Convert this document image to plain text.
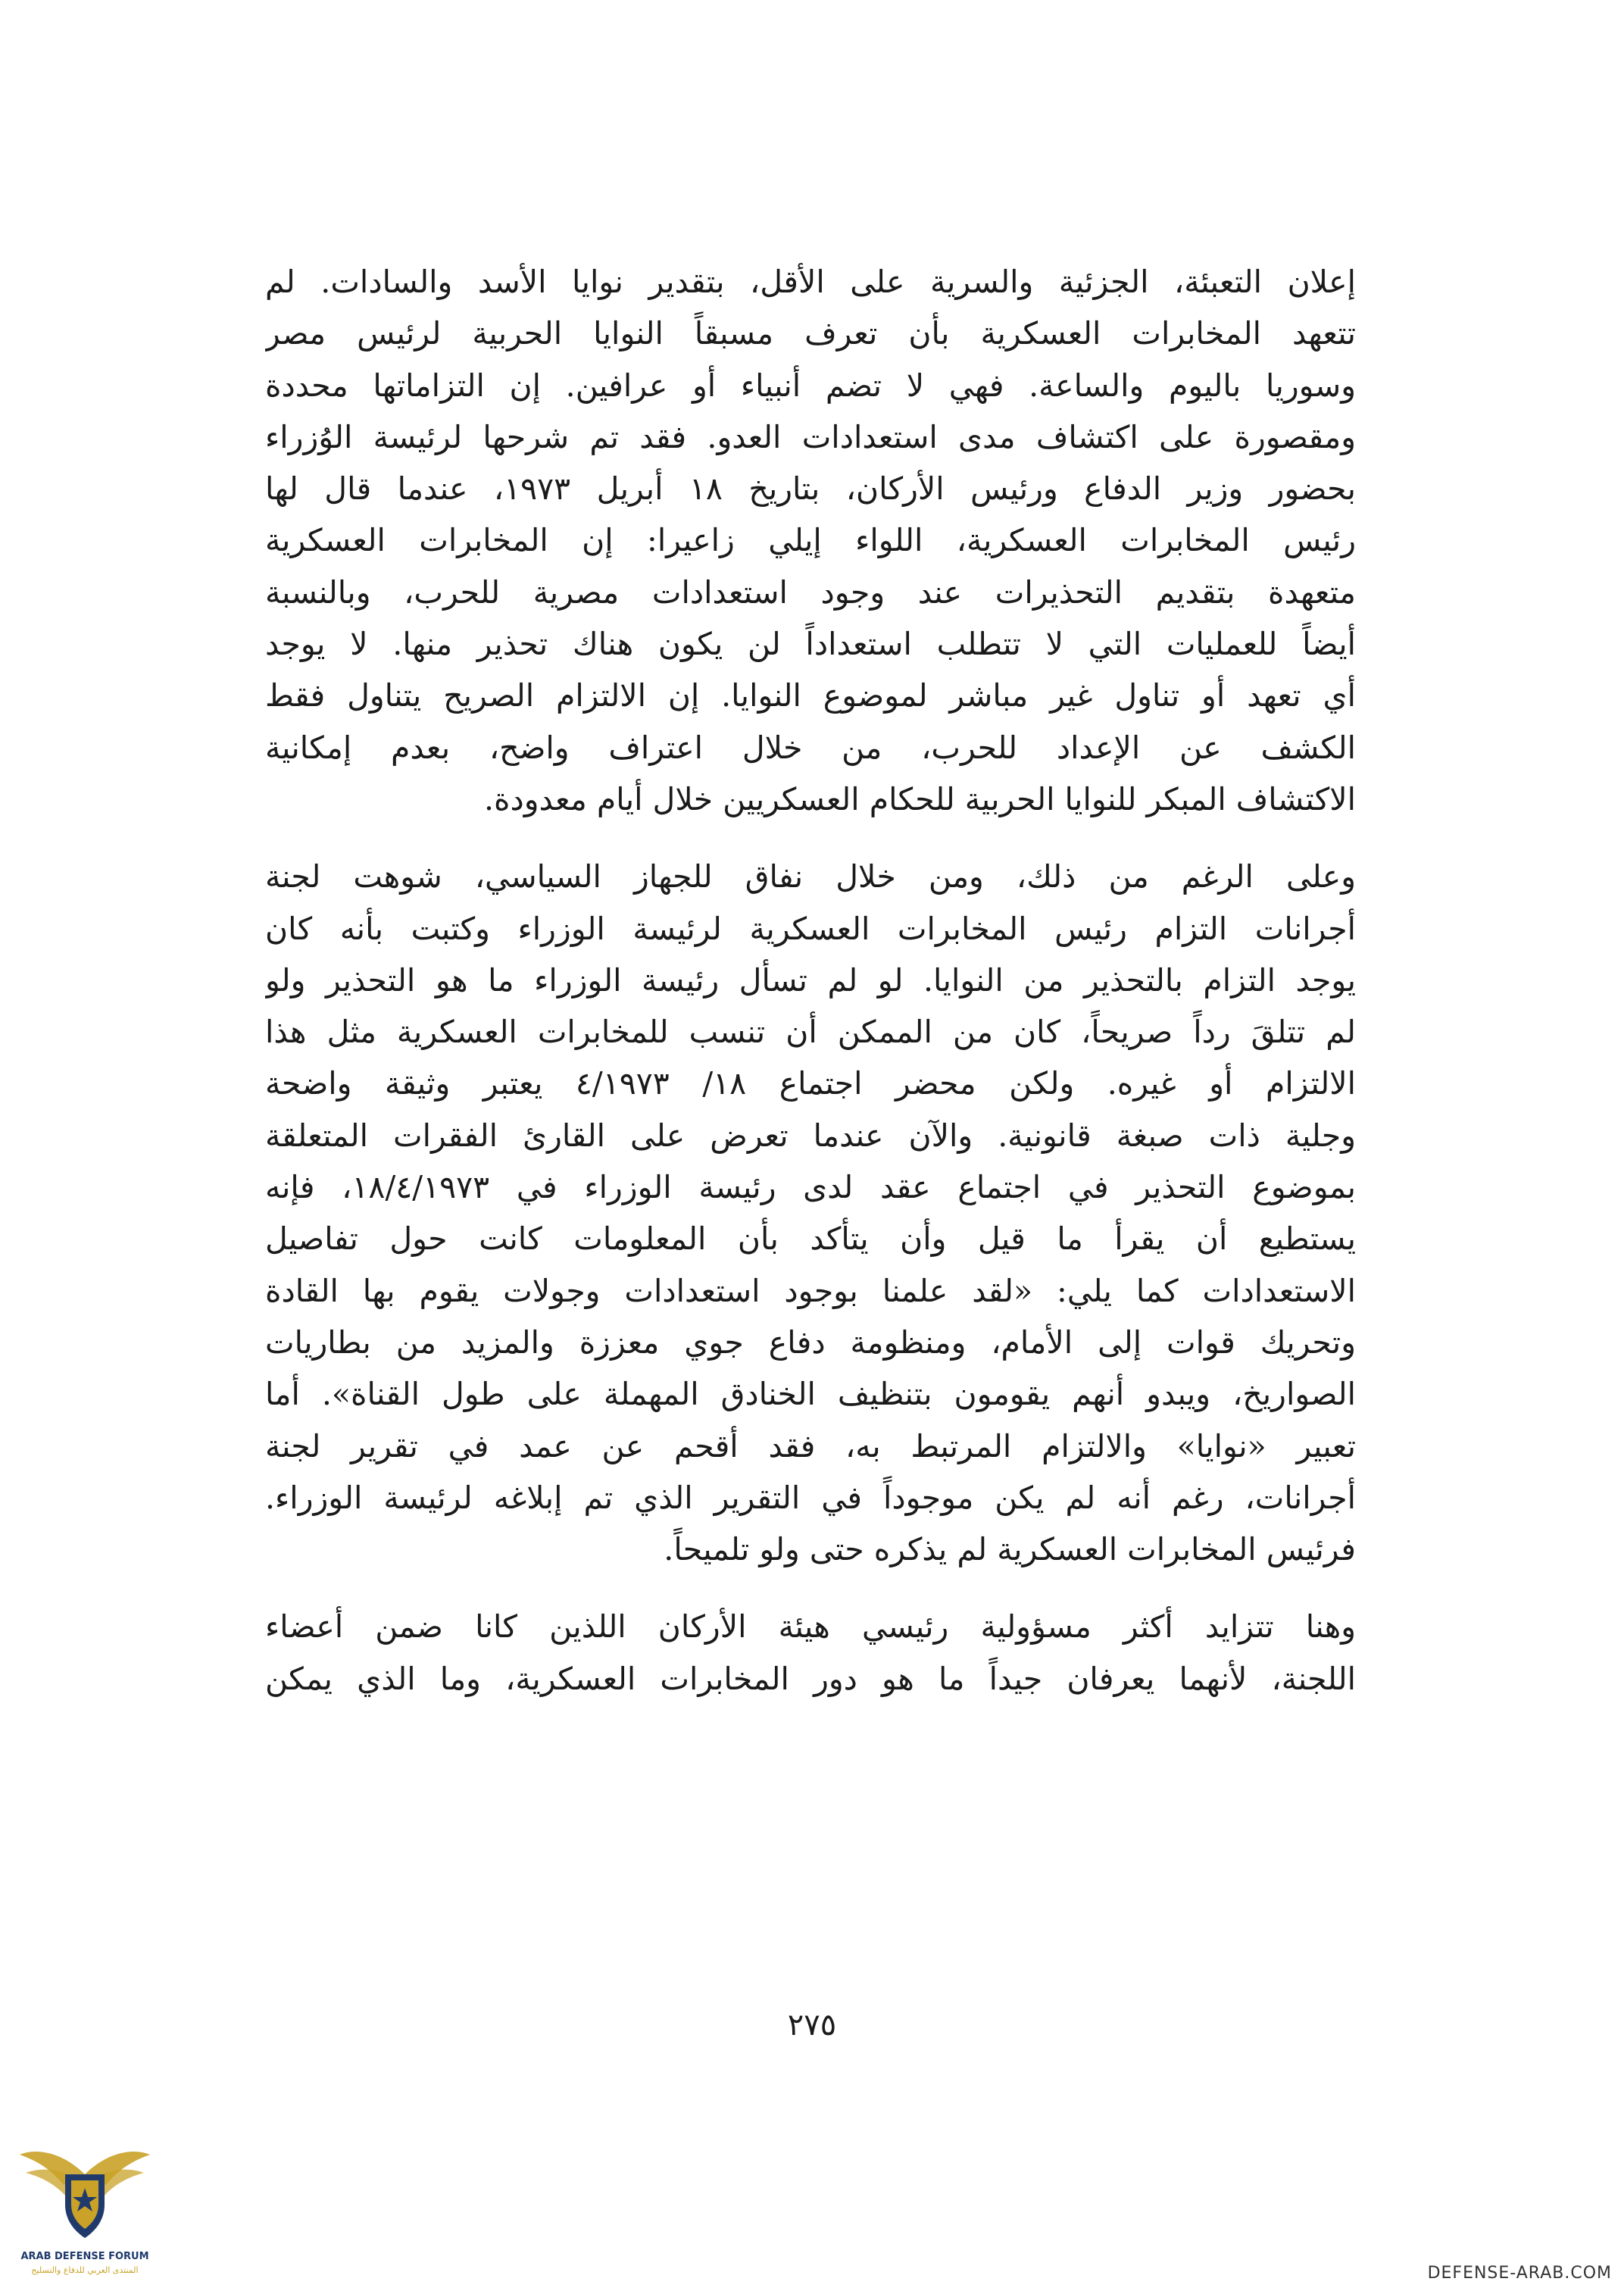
إعلان التعبئة، الجزئية والسرية على الأقل، بتقدير نوايا الأسد والسادات. لم
تتعهد المخابرات العسكرية بأن تعرف مسبقاً النوايا الحربية لرئيس مصر
وسوريا باليوم والساعة. فهي لا تضم أنبياء أو عرافين. إن التزاماتها محددة
ومقصورة على اكتشاف مدى استعدادات العدو. فقد تم شرحها لرئيسة الوُزراء
بحضور وزير الدفاع ورئيس الأركان، بتاريخ ١٨ أبريل ١٩٧٣، عندما قال لها
رئيس المخابرات العسكرية، اللواء إيلي زاعيرا: إن المخابرات العسكرية
متعهدة بتقديم التحذيرات عند وجود استعدادات مصرية للحرب، وبالنسبة
أيضاً للعمليات التي لا تتطلب استعداداً لن يكون هناك تحذير منها. لا يوجد
أي تعهد أو تناول غير مباشر لموضوع النوايا. إن الالتزام الصريح يتناول فقط
الكشف عن الإعداد للحرب، من خلال اعتراف واضح، بعدم إمكانية
الاكتشاف المبكر للنوايا الحربية للحكام العسكريين خلال أيام معدودة.

وعلى الرغم من ذلك، ومن خلال نفاق للجهاز السياسي، شوهت لجنة
أجرانات التزام رئيس المخابرات العسكرية لرئيسة الوزراء وكتبت بأنه كان
يوجد التزام بالتحذير من النوايا. لو لم تسأل رئيسة الوزراء ما هو التحذير ولو
لم تتلقَ رداً صريحاً، كان من الممكن أن تنسب للمخابرات العسكرية مثل هذا
الالتزام أو غيره. ولكن محضر اجتماع ١٨/ ٤/١٩٧٣ يعتبر وثيقة واضحة
وجلية ذات صبغة قانونية. والآن عندما تعرض على القارئ الفقرات المتعلقة
بموضوع التحذير في اجتماع عقد لدى رئيسة الوزراء في ١٨/٤/١٩٧٣، فإنه
يستطيع أن يقرأ ما قيل وأن يتأكد بأن المعلومات كانت حول تفاصيل
الاستعدادات كما يلي: «لقد علمنا بوجود استعدادات وجولات يقوم بها القادة
وتحريك قوات إلى الأمام، ومنظومة دفاع جوي معززة والمزيد من بطاريات
الصواريخ، ويبدو أنهم يقومون بتنظيف الخنادق المهملة على طول القناة». أما
تعبير «نوايا» والالتزام المرتبط به، فقد أقحم عن عمد في تقرير لجنة
أجرانات، رغم أنه لم يكن موجوداً في التقرير الذي تم إبلاغه لرئيسة الوزراء.
فرئيس المخابرات العسكرية لم يذكره حتى ولو تلميحاً.

وهنا تتزايد أكثر مسؤولية رئيسي هيئة الأركان اللذين كانا ضمن أعضاء
اللجنة، لأنهما يعرفان جيداً ما هو دور المخابرات العسكرية، وما الذي يمكن

٢٧٥
ARAB DEFENSE FORUM
المنتدى العربي للدفاع والتسليح	DEFENSE-ARAB.COM
